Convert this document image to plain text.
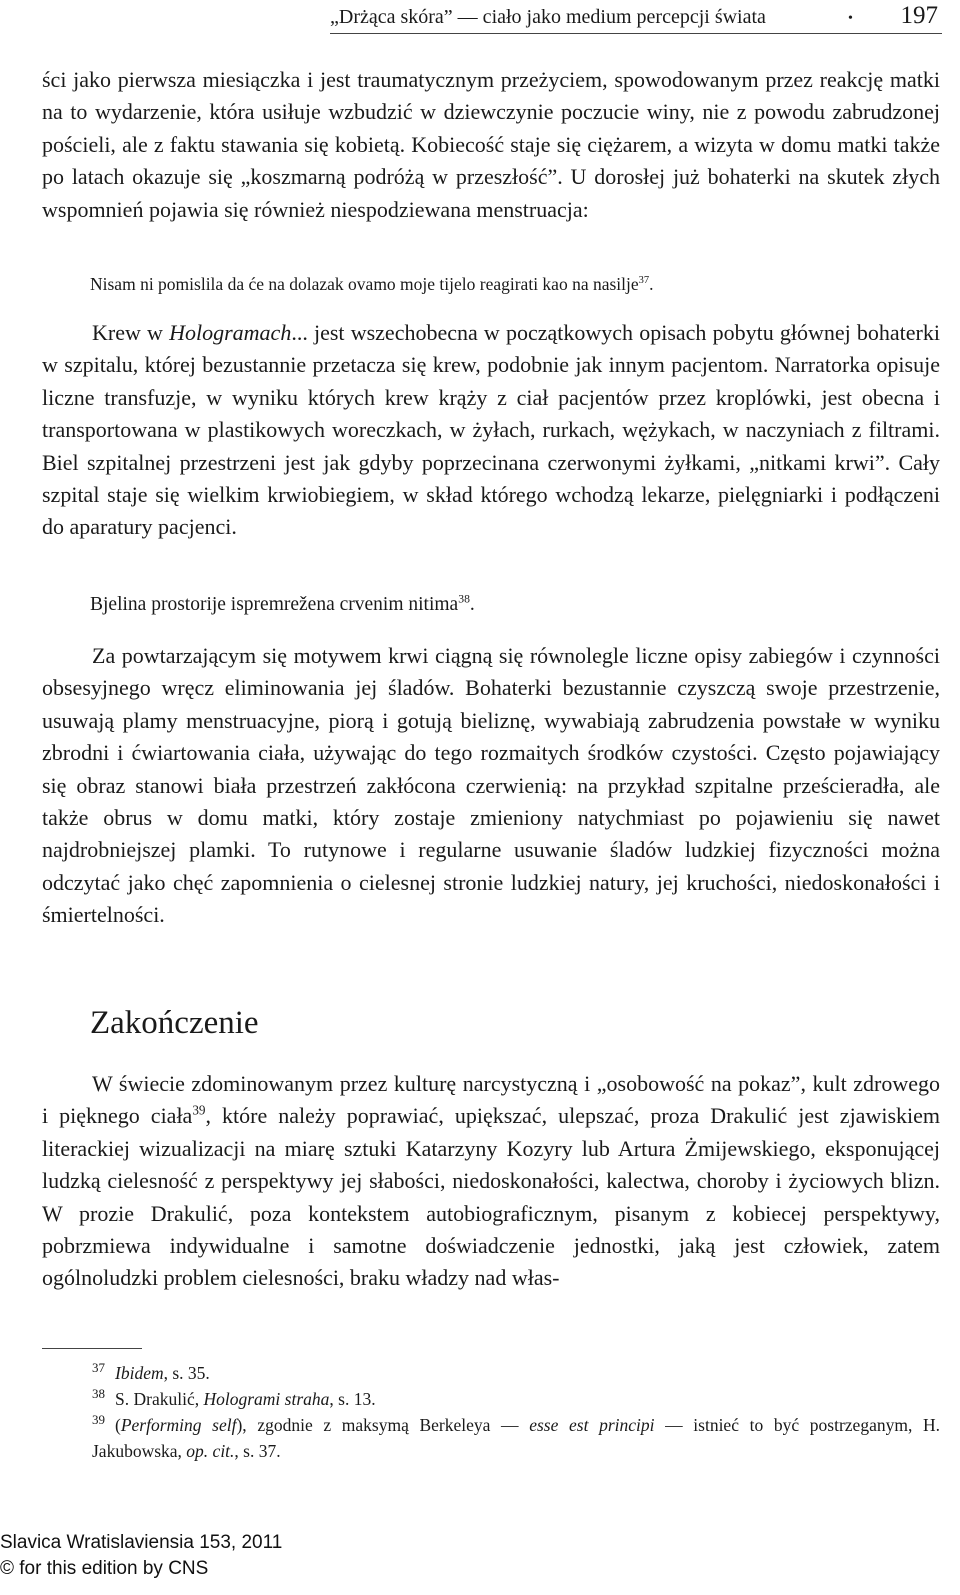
„Drżąca skóra” — ciało jako medium percepcji świata	• 197

ści jako pierwsza miesiączka i jest traumatycznym przeżyciem, spowodowanym przez reakcję matki na to wydarzenie, która usiłuje wzbudzić w dziewczynie poczucie winy, nie z powodu zabrudzonej pościeli, ale z faktu stawania się kobietą. Kobiecość staje się ciężarem, a wizyta w domu matki także po latach okazuje się „koszmarną podróżą w przeszłość”. U dorosłej już bohaterki na skutek złych wspomnień pojawia się również niespodziewana menstruacja:

Nisam ni pomislila da će na dolazak ovamo moje tijelo reagirati kao na nasilje$^{37}$.

Krew w Hologramach... jest wszechobecna w początkowych opisach pobytu głównej bohaterki w szpitalu, której bezustannie przetacza się krew, podobnie jak innym pacjentom. Narratorka opisuje liczne transfuzje, w wyniku których krew krąży z ciał pacjentów przez kroplówki, jest obecna i transportowana w plastikowych woreczkach, w żyłach, rurkach, wężykach, w naczyniach z filtrami. Biel szpitalnej przestrzeni jest jak gdyby poprzecinana czerwonymi żyłkami, „nitkami krwi”. Cały szpital staje się wielkim krwiobiegiem, w skład którego wchodzą lekarze, pielęgniarki i podłączeni do aparatury pacjenci.

Bjelina prostorije ispremrežena crvenim nitima$^{38}$.

Za powtarzającym się motywem krwi ciągną się równolegle liczne opisy zabiegów i czynności obsesyjnego wręcz eliminowania jej śladów. Bohaterki bezustannie czyszczą swoje przestrzenie, usuwają plamy menstruacyjne, piorą i gotują bieliznę, wywabiają zabrudzenia powstałe w wyniku zbrodni i ćwiartowania ciała, używając do tego rozmaitych środków czystości. Często pojawiający się obraz stanowi biała przestrzeń zakłócona czerwienią: na przykład szpitalne prześcieradła, ale także obrus w domu matki, który zostaje zmieniony natychmiast po pojawieniu się nawet najdrobniejszej plamki. To rutynowe i regularne usuwanie śladów ludzkiej fizyczności można odczytać jako chęć zapomnienia o cielesnej stronie ludzkiej natury, jej kruchości, niedoskonałości i śmiertelności.

Zakończenie

W świecie zdominowanym przez kulturę narcystyczną i „osobowość na pokaz”, kult zdrowego i pięknego ciała$^{39}$, które należy poprawiać, upiększać, ulepszać, proza Drakulić jest zjawiskiem literackiej wizualizacji na miarę sztuki Katarzyny Kozyry lub Artura Żmijewskiego, eksponującej ludzką cielesność z perspektywy jej słabości, niedoskonałości, kalectwa, choroby i życiowych blizn. W prozie Drakulić, poza kontekstem autobiograficznym, pisanym z kobiecej perspektywy, pobrzmiewa indywidualne i samotne doświadczenie jednostki, jaką jest człowiek, zatem ogólnoludzki problem cielesności, braku władzy nad włas-

$^{37}$ Ibidem, s. 35.

$^{38}$ S. Drakulić, Hologrami straha, s. 13.

$^{39}$ (Performing self), zgodnie z maksymą Berkeleya — esse est principi — istnieć to być postrzeganym, H. Jakubowska, op. cit., s. 37.

Slavica Wratislaviensia 153, 2011
© for this edition by CNS
